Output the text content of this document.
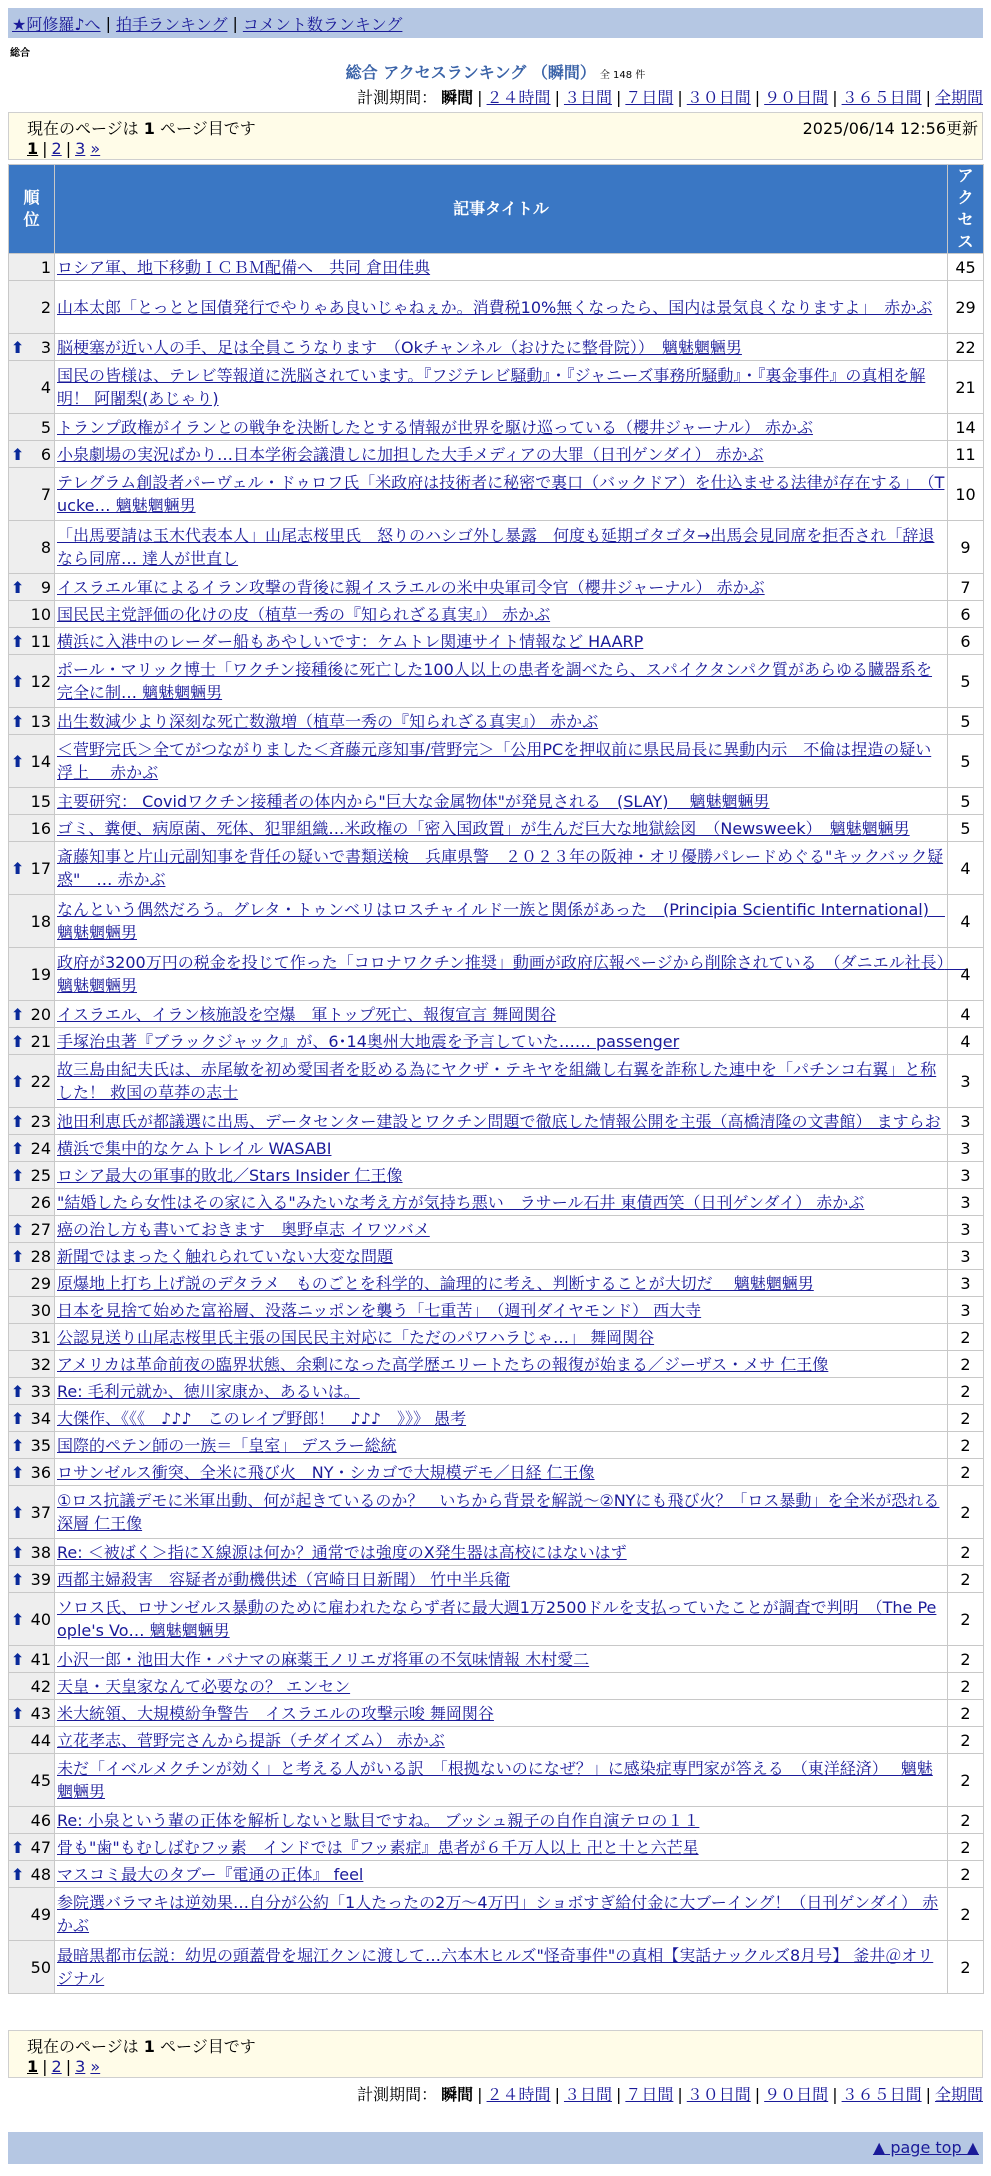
★阿修羅♪へ | 拍手ランキング | コメント数ランキング
総合
総合 アクセスランキング （瞬間） 全 148 件
計測期間： 瞬間 | ２４時間 | ３日間 | ７日間 | ３０日間 | ９０日間 | ３６５日間 | 全期間
現在のページは 1 ページ目です	2025/06/14 12:56更新
1 | 2 | 3 »
順位	記事タイトル	アクセス
1	ロシア軍、地下移動ＩＣＢＭ配備へ　共同 倉田佳典	45
2	山本太郎「とっとと国債発行でやりゃあ良いじゃねぇか。消費税10%無くなったら、国内は景気良くなりますよ」　赤かぶ	29

⬆ 3	脳梗塞が近い人の手、足は全員こうなります　（Okチャンネル（おけたに整骨院））　魑魅魍魎男	22
4	国民の皆様は、テレビ等報道に洗脳されています。『フジテレビ騒動』・『ジャニーズ事務所騒動』・『裏金事件』の真相を解明！ 阿闍梨(あじゃり)	21
5	トランプ政権がイランとの戦争を決断したとする情報が世界を駆け巡っている（櫻井ジャーナル） 赤かぶ	14

⬆ 6	小泉劇場の実況ばかり…日本学術会議潰しに加担した大手メディアの大罪（日刊ゲンダイ） 赤かぶ	11
7	テレグラム創設者パーヴェル・ドゥロフ氏「米政府は技術者に秘密で裏口（バックドア）を仕込ませる法律が存在する」　（Tucke… 魑魅魍魎男	10
8	「出馬要請は玉木代表本人」山尾志桜里氏　怒りのハシゴ外し暴露　何度も延期ゴタゴタ→出馬会見同席を拒否され「辞退なら同席… 達人が世直し	9

⬆ 9	イスラエル軍によるイラン攻撃の背後に親イスラエルの米中央軍司令官（櫻井ジャーナル） 赤かぶ	7
10	国民民主党評価の化けの皮（植草一秀の『知られざる真実』） 赤かぶ	6

⬆ 11	横浜に入港中のレーダー船もあやしいです：ケムトレ関連サイト情報など HAARP	6

⬆ 12	ポール・マリック博士「ワクチン接種後に死亡した100人以上の患者を調べたら、スパイクタンパク質があらゆる臓器系を完全に制… 魑魅魍魎男	5

⬆ 13	出生数減少より深刻な死亡数激増（植草一秀の『知られざる真実』） 赤かぶ	5

⬆ 14	＜菅野完氏＞全てがつながりました＜斉藤元彦知事/菅野完＞「公用PCを押収前に県民局長に異動内示　不倫は捏造の疑い浮上　 赤かぶ	5
15	主要研究： Covidワクチン接種者の体内から"巨大な金属物体"が発見される　(SLAY)　 魑魅魍魎男	5
16	ゴミ、糞便、病原菌、死体、犯罪組織…米政権の「密入国政置」が生んだ巨大な地獄絵図　（Newsweek）　魑魅魍魎男	5

⬆ 17	斎藤知事と片山元副知事を背任の疑いで書類送検　兵庫県警　２０２３年の阪神・オリ優勝パレードめぐる"キックバック疑惑"　… 赤かぶ	4
18	なんという偶然だろう。グレタ・トゥンベリはロスチャイルド一族と関係があった　(Principia Scientific International)　魑魅魍魎男	4
19	政府が3200万円の税金を投じて作った「コロナワクチン推奨」動画が政府広報ページから削除されている　（ダニエル社長）　 魑魅魍魎男	4

⬆ 20	イスラエル、イラン核施設を空爆　軍トップ死亡、報復宣言 舞岡関谷	4

⬆ 21	手塚治虫著『ブラックジャック』が、6･14奥州大地震を予言していた…… passenger	4

⬆ 22	故三島由紀夫氏は、赤尾敏を初め愛国者を貶める為にヤクザ・テキヤを組織し右翼を詐称した連中を「パチンコ右翼」と称した！ 救国の草莽の志士	3

⬆ 23	池田利恵氏が都議選に出馬、データセンター建設とワクチン問題で徹底した情報公開を主張（高橋清隆の文書館） ますらお	3

⬆ 24	横浜で集中的なケムトレイル WASABI	3

⬆ 25	ロシア最大の軍事的敗北／Stars Insider 仁王像	3
26	"結婚したら女性はその家に入る"みたいな考え方が気持ち悪い　ラサール石井 東債西笑（日刊ゲンダイ） 赤かぶ	3

⬆ 27	癌の治し方も書いておきます　奥野卓志 イワツバメ	3

⬆ 28	新聞ではまったく触れられていない大変な問題	3
29	原爆地上打ち上げ説のデタラメ　ものごとを科学的、論理的に考え、判断することが大切だ　 魑魅魍魎男	3
30	日本を見捨て始めた富裕層、没落ニッポンを襲う「七重苦」　（週刊ダイヤモンド） 西大寺	3
31	公認見送り山尾志桜里氏主張の国民民主対応に「ただのパワハラじゃ…」 舞岡関谷	2
32	アメリカは革命前夜の臨界状態、余剰になった高学歴エリートたちの報復が始まる／ジーザス・メサ 仁王像	2

⬆ 33	Re: 毛利元就か、徳川家康か、あるいは。	2

⬆ 34	大傑作、《《《　♪♪♪　このレイプ野郎！　♪♪♪　》》》 愚考	2

⬆ 35	国際的ペテン師の一族＝「皇室」 デスラー総統	2

⬆ 36	ロサンゼルス衝突、全米に飛び火　NY・シカゴで大規模デモ／日経 仁王像	2

⬆ 37	①ロス抗議デモに米軍出動、何が起きているのか？　いちから背景を解説～②NYにも飛び火？「ロス暴動」を全米が恐れる深層 仁王像	2

⬆ 38	Re: ＜被ばく＞指にＸ線源は何か？通常では強度のX発生器は高校にはないはず	2

⬆ 39	西都主婦殺害　容疑者が動機供述（宮崎日日新聞） 竹中半兵衛	2

⬆ 40	ソロス氏、ロサンゼルス暴動のために雇われたならず者に最大週1万2500ドルを支払っていたことが調査で判明　（The People's Vo… 魑魅魍魎男	2

⬆ 41	小沢一郎・池田大作・パナマの麻薬王ノリエガ将軍の不気味情報 木村愛二	2
42	天皇・天皇家なんて必要なの？ エンセン	2

⬆ 43	米大統領、大規模紛争警告　イスラエルの攻撃示唆 舞岡関谷	2
44	立花孝志、菅野完さんから提訴（チダイズム） 赤かぶ	2
45	未だ「イベルメクチンが効く」と考える人がいる訳　「根拠ないのになぜ？」に感染症専門家が答える　（東洋経済）　 魑魅魍魎男	2
46	Re: 小泉という輩の正体を解析しないと駄目ですね。 ブッシュ親子の自作自演テロの１１	2

⬆ 47	骨も"歯"もむしばむフッ素　インドでは『フッ素症』患者が６千万人以上 卍と十と六芒星	2

⬆ 48	マスコミ最大のタブー『電通の正体』 feel	2
49	参院選バラマキは逆効果…自分が公約「1人たったの2万～4万円」ショボすぎ給付金に大ブーイング！（日刊ゲンダイ） 赤かぶ	2
50	最暗黒都市伝説：幼児の頭蓋骨を堀江クンに渡して…六本木ヒルズ"怪奇事件"の真相【実話ナックルズ8月号】 釜井＠オリジナル	2
現在のページは 1 ページ目です
1 | 2 | 3 »
計測期間： 瞬間 | ２４時間 | ３日間 | ７日間 | ３０日間 | ９０日間 | ３６５日間 | 全期間
▲ page top ▲
